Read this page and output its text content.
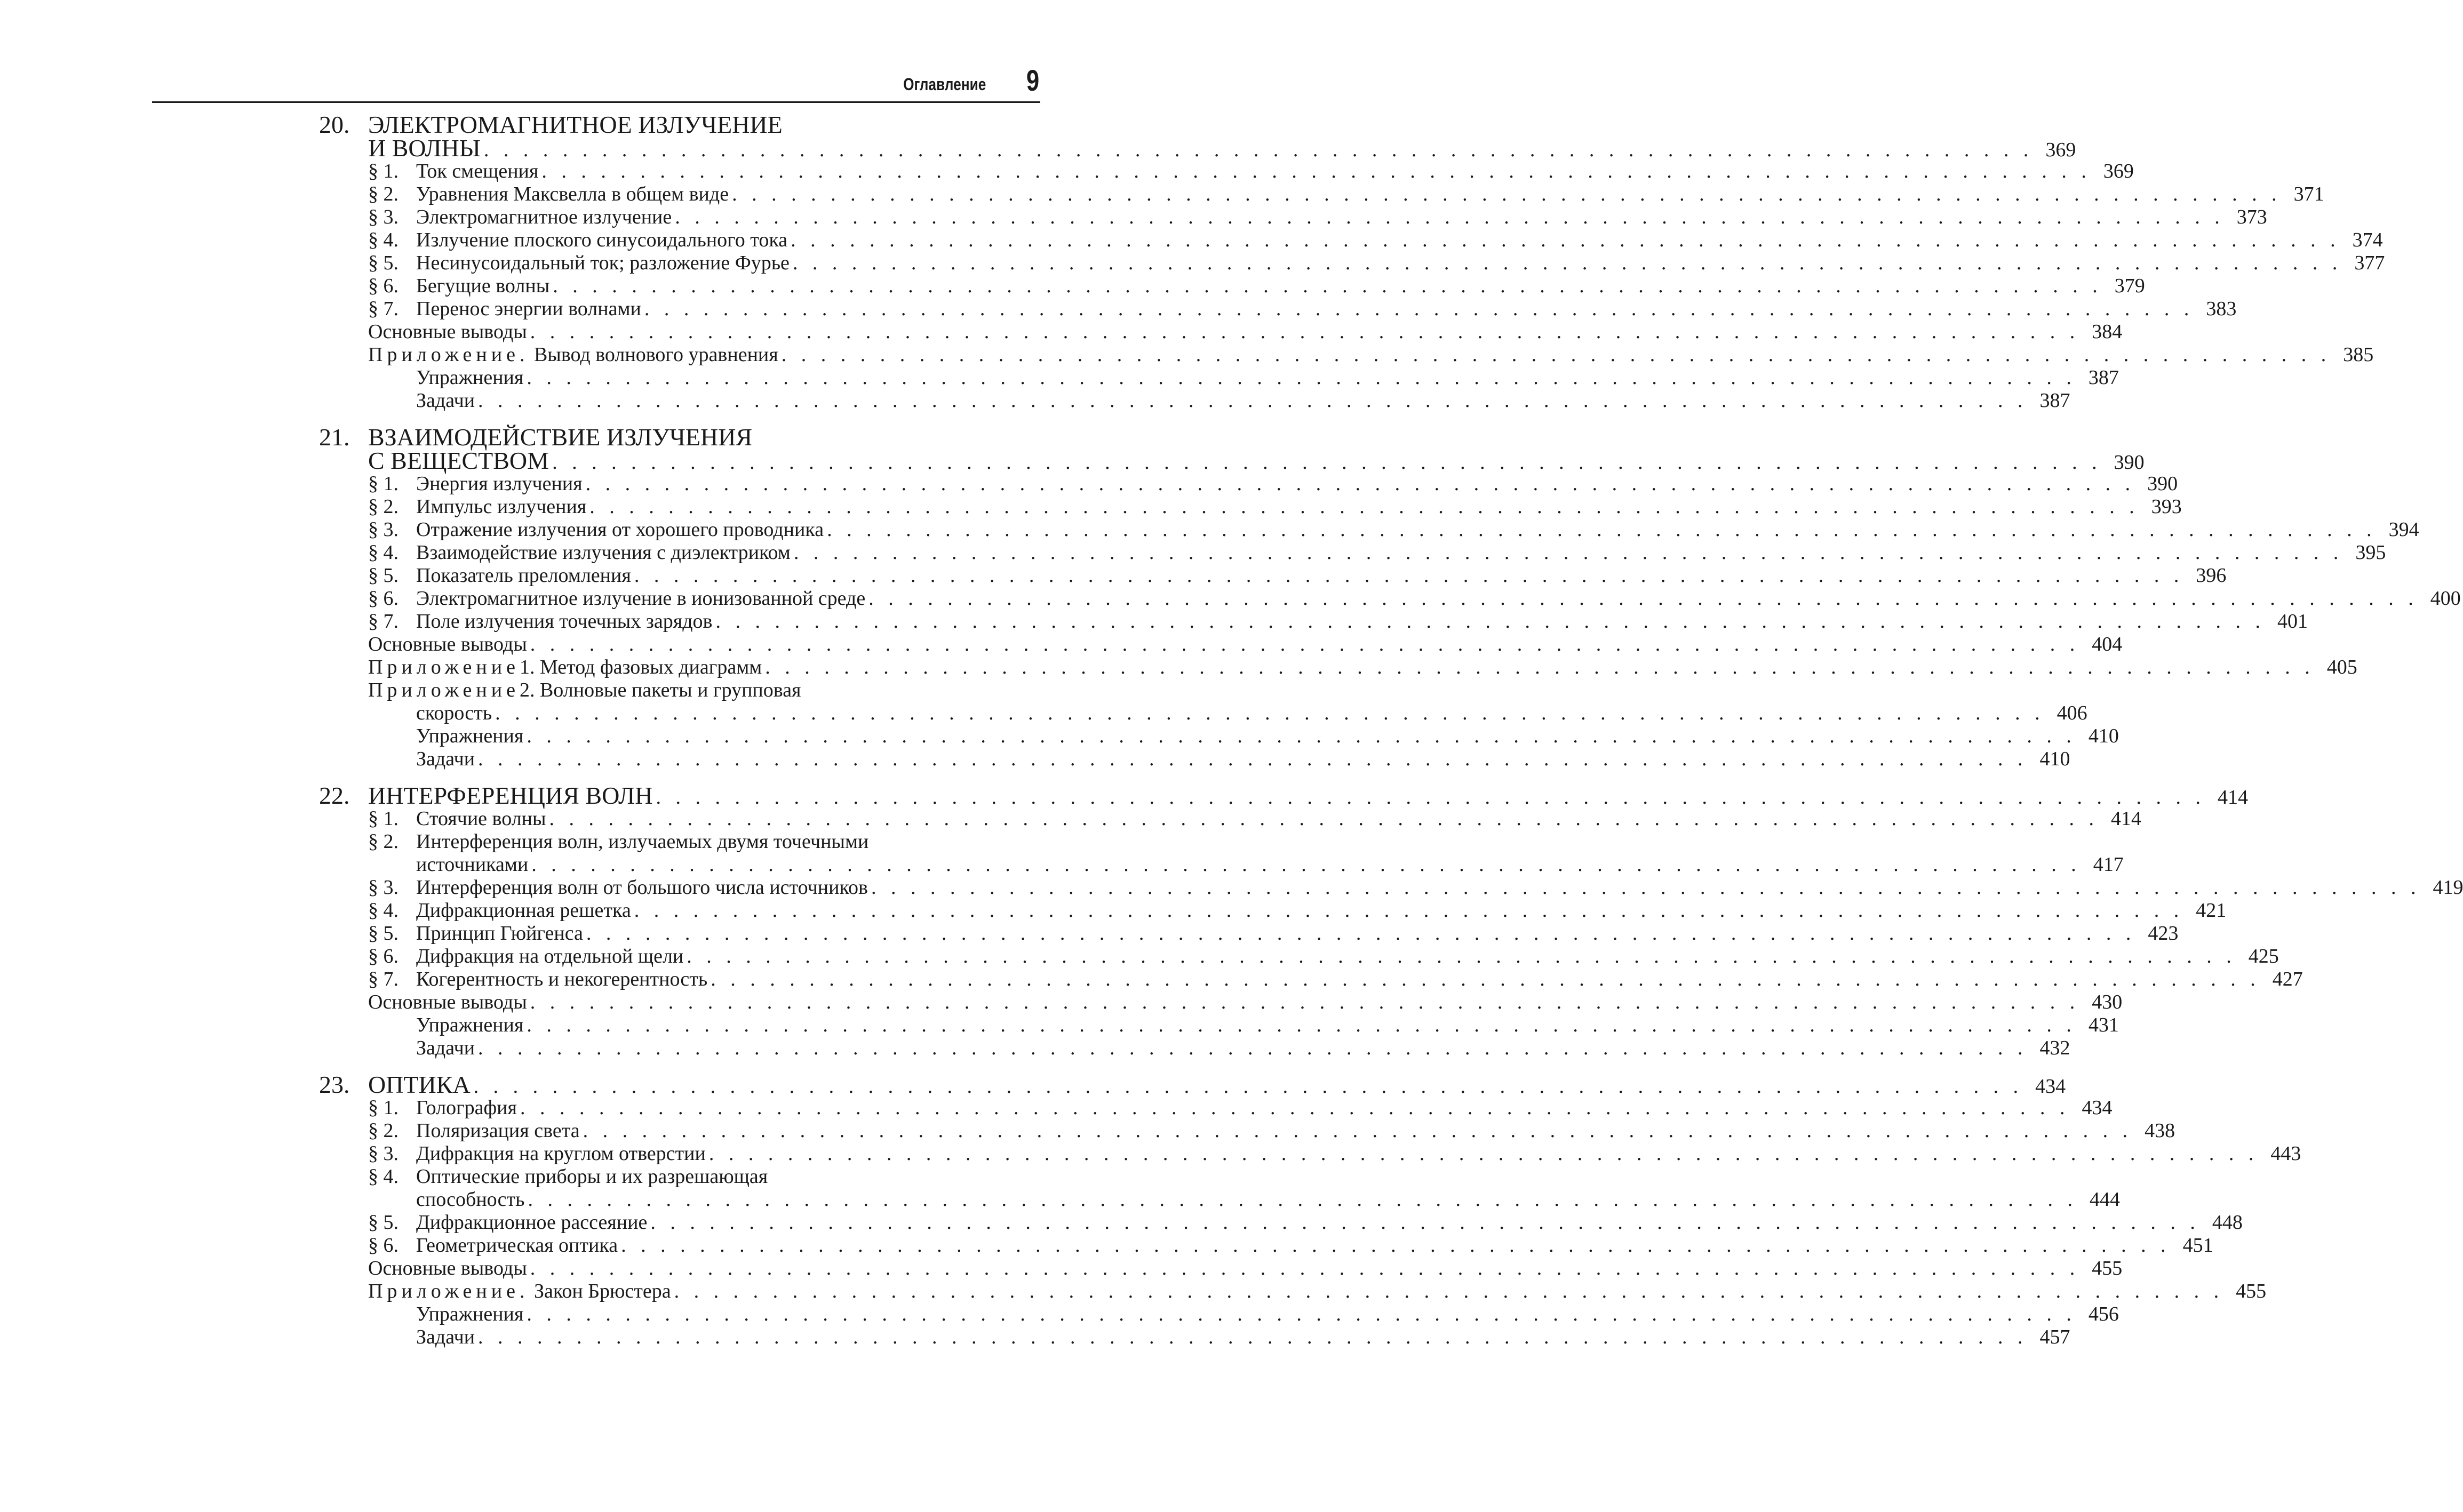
Оглавление 9
20. ЭЛЕКТРОМАГНИТНОЕ ИЗЛУЧЕНИЕ
И ВОЛНЫ . . . . . . . . . . . . . . . . . . . . . . . . . . . . . . . . . . . . . . . . . . . . . . . . . . . . . . . . . . . . . . . . . . . . . . . . . . . . . . . 369
§ 1. Ток смещения . . . . . . . . . . . . . . . . . . . . . . . . . . . . . . . . . . . . . . . . . . . . . . . . . . . . . . . . . . . . . . . . . . . . . . . . . . . . . . . 369
§ 2. Уравнения Максвелла в общем виде . . . . . . . . . . . . . . . . . . . . . . . . . . . . . . . . . . . . . . . . . . . . . . . . . . . . . . . . . . . . . . . . . . . . . . . . . . . . . . . 371
§ 3. Электромагнитное излучение . . . . . . . . . . . . . . . . . . . . . . . . . . . . . . . . . . . . . . . . . . . . . . . . . . . . . . . . . . . . . . . . . . . . . . . . . . . . . . . 373
§ 4. Излучение плоского синусоидального тока . . . . . . . . . . . . . . . . . . . . . . . . . . . . . . . . . . . . . . . . . . . . . . . . . . . . . . . . . . . . . . . . . . . . . . . . . . . . . . . 374
§ 5. Несинусоидальный ток; разложение Фурье . . . . . . . . . . . . . . . . . . . . . . . . . . . . . . . . . . . . . . . . . . . . . . . . . . . . . . . . . . . . . . . . . . . . . . . . . . . . . . . 377
§ 6. Бегущие волны . . . . . . . . . . . . . . . . . . . . . . . . . . . . . . . . . . . . . . . . . . . . . . . . . . . . . . . . . . . . . . . . . . . . . . . . . . . . . . . 379
§ 7. Перенос энергии волнами . . . . . . . . . . . . . . . . . . . . . . . . . . . . . . . . . . . . . . . . . . . . . . . . . . . . . . . . . . . . . . . . . . . . . . . . . . . . . . . 383
Основные выводы . . . . . . . . . . . . . . . . . . . . . . . . . . . . . . . . . . . . . . . . . . . . . . . . . . . . . . . . . . . . . . . . . . . . . . . . . . . . . . . 384
Приложение. Вывод волнового уравнения . . . . . . . . . . . . . . . . . . . . . . . . . . . . . . . . . . . . . . . . . . . . . . . . . . . . . . . . . . . . . . . . . . . . . . . . . . . . . . . 385
Упражнения . . . . . . . . . . . . . . . . . . . . . . . . . . . . . . . . . . . . . . . . . . . . . . . . . . . . . . . . . . . . . . . . . . . . . . . . . . . . . . . 387
Задачи . . . . . . . . . . . . . . . . . . . . . . . . . . . . . . . . . . . . . . . . . . . . . . . . . . . . . . . . . . . . . . . . . . . . . . . . . . . . . . . 387
21. ВЗАИМОДЕЙСТВИЕ ИЗЛУЧЕНИЯ
С ВЕЩЕСТВОМ . . . . . . . . . . . . . . . . . . . . . . . . . . . . . . . . . . . . . . . . . . . . . . . . . . . . . . . . . . . . . . . . . . . . . . . . . . . . . . . 390
§ 1. Энергия излучения . . . . . . . . . . . . . . . . . . . . . . . . . . . . . . . . . . . . . . . . . . . . . . . . . . . . . . . . . . . . . . . . . . . . . . . . . . . . . . . 390
§ 2. Импульс излучения . . . . . . . . . . . . . . . . . . . . . . . . . . . . . . . . . . . . . . . . . . . . . . . . . . . . . . . . . . . . . . . . . . . . . . . . . . . . . . . 393
§ 3. Отражение излучения от хорошего проводника . . . . . . . . . . . . . . . . . . . . . . . . . . . . . . . . . . . . . . . . . . . . . . . . . . . . . . . . . . . . . . . . . . . . . . . . . . . . . . . 394
§ 4. Взаимодействие излучения с диэлектриком . . . . . . . . . . . . . . . . . . . . . . . . . . . . . . . . . . . . . . . . . . . . . . . . . . . . . . . . . . . . . . . . . . . . . . . . . . . . . . . 395
§ 5. Показатель преломления . . . . . . . . . . . . . . . . . . . . . . . . . . . . . . . . . . . . . . . . . . . . . . . . . . . . . . . . . . . . . . . . . . . . . . . . . . . . . . . 396
§ 6. Электромагнитное излучение в ионизованной среде . . . . . . . . . . . . . . . . . . . . . . . . . . . . . . . . . . . . . . . . . . . . . . . . . . . . . . . . . . . . . . . . . . . . . . . . . . . . . . . 400
§ 7. Поле излучения точечных зарядов . . . . . . . . . . . . . . . . . . . . . . . . . . . . . . . . . . . . . . . . . . . . . . . . . . . . . . . . . . . . . . . . . . . . . . . . . . . . . . . 401
Основные выводы . . . . . . . . . . . . . . . . . . . . . . . . . . . . . . . . . . . . . . . . . . . . . . . . . . . . . . . . . . . . . . . . . . . . . . . . . . . . . . . 404
Приложение1. Метод фазовых диаграмм . . . . . . . . . . . . . . . . . . . . . . . . . . . . . . . . . . . . . . . . . . . . . . . . . . . . . . . . . . . . . . . . . . . . . . . . . . . . . . . 405
Приложение2. Волновые пакеты и групповая
скорость . . . . . . . . . . . . . . . . . . . . . . . . . . . . . . . . . . . . . . . . . . . . . . . . . . . . . . . . . . . . . . . . . . . . . . . . . . . . . . . 406
Упражнения . . . . . . . . . . . . . . . . . . . . . . . . . . . . . . . . . . . . . . . . . . . . . . . . . . . . . . . . . . . . . . . . . . . . . . . . . . . . . . . 410
Задачи . . . . . . . . . . . . . . . . . . . . . . . . . . . . . . . . . . . . . . . . . . . . . . . . . . . . . . . . . . . . . . . . . . . . . . . . . . . . . . . 410
22. ИНТЕРФЕРЕНЦИЯ ВОЛН . . . . . . . . . . . . . . . . . . . . . . . . . . . . . . . . . . . . . . . . . . . . . . . . . . . . . . . . . . . . . . . . . . . . . . . . . . . . . . . 414
§ 1. Стоячие волны . . . . . . . . . . . . . . . . . . . . . . . . . . . . . . . . . . . . . . . . . . . . . . . . . . . . . . . . . . . . . . . . . . . . . . . . . . . . . . . 414
§ 2. Интерференция волн, излучаемых двумя точечными
источниками . . . . . . . . . . . . . . . . . . . . . . . . . . . . . . . . . . . . . . . . . . . . . . . . . . . . . . . . . . . . . . . . . . . . . . . . . . . . . . . 417
§ 3. Интерференция волн от большого числа источников . . . . . . . . . . . . . . . . . . . . . . . . . . . . . . . . . . . . . . . . . . . . . . . . . . . . . . . . . . . . . . . . . . . . . . . . . . . . . . . 419
§ 4. Дифракционная решетка . . . . . . . . . . . . . . . . . . . . . . . . . . . . . . . . . . . . . . . . . . . . . . . . . . . . . . . . . . . . . . . . . . . . . . . . . . . . . . . 421
§ 5. Принцип Гюйгенса . . . . . . . . . . . . . . . . . . . . . . . . . . . . . . . . . . . . . . . . . . . . . . . . . . . . . . . . . . . . . . . . . . . . . . . . . . . . . . . 423
§ 6. Дифракция на отдельной щели . . . . . . . . . . . . . . . . . . . . . . . . . . . . . . . . . . . . . . . . . . . . . . . . . . . . . . . . . . . . . . . . . . . . . . . . . . . . . . . 425
§ 7. Когерентность и некогерентность . . . . . . . . . . . . . . . . . . . . . . . . . . . . . . . . . . . . . . . . . . . . . . . . . . . . . . . . . . . . . . . . . . . . . . . . . . . . . . . 427
Основные выводы . . . . . . . . . . . . . . . . . . . . . . . . . . . . . . . . . . . . . . . . . . . . . . . . . . . . . . . . . . . . . . . . . . . . . . . . . . . . . . . 430
Упражнения . . . . . . . . . . . . . . . . . . . . . . . . . . . . . . . . . . . . . . . . . . . . . . . . . . . . . . . . . . . . . . . . . . . . . . . . . . . . . . . 431
Задачи . . . . . . . . . . . . . . . . . . . . . . . . . . . . . . . . . . . . . . . . . . . . . . . . . . . . . . . . . . . . . . . . . . . . . . . . . . . . . . . 432
23. ОПТИКА . . . . . . . . . . . . . . . . . . . . . . . . . . . . . . . . . . . . . . . . . . . . . . . . . . . . . . . . . . . . . . . . . . . . . . . . . . . . . . . 434
§ 1. Голография . . . . . . . . . . . . . . . . . . . . . . . . . . . . . . . . . . . . . . . . . . . . . . . . . . . . . . . . . . . . . . . . . . . . . . . . . . . . . . . 434
§ 2. Поляризация света . . . . . . . . . . . . . . . . . . . . . . . . . . . . . . . . . . . . . . . . . . . . . . . . . . . . . . . . . . . . . . . . . . . . . . . . . . . . . . . 438
§ 3. Дифракция на круглом отверстии . . . . . . . . . . . . . . . . . . . . . . . . . . . . . . . . . . . . . . . . . . . . . . . . . . . . . . . . . . . . . . . . . . . . . . . . . . . . . . . 443
§ 4. Оптические приборы и их разрешающая
способность . . . . . . . . . . . . . . . . . . . . . . . . . . . . . . . . . . . . . . . . . . . . . . . . . . . . . . . . . . . . . . . . . . . . . . . . . . . . . . . 444
§ 5. Дифракционное рассеяние . . . . . . . . . . . . . . . . . . . . . . . . . . . . . . . . . . . . . . . . . . . . . . . . . . . . . . . . . . . . . . . . . . . . . . . . . . . . . . . 448
§ 6. Геометрическая оптика . . . . . . . . . . . . . . . . . . . . . . . . . . . . . . . . . . . . . . . . . . . . . . . . . . . . . . . . . . . . . . . . . . . . . . . . . . . . . . . 451
Основные выводы . . . . . . . . . . . . . . . . . . . . . . . . . . . . . . . . . . . . . . . . . . . . . . . . . . . . . . . . . . . . . . . . . . . . . . . . . . . . . . . 455
Приложение. Закон Брюстера . . . . . . . . . . . . . . . . . . . . . . . . . . . . . . . . . . . . . . . . . . . . . . . . . . . . . . . . . . . . . . . . . . . . . . . . . . . . . . . 455
Упражнения . . . . . . . . . . . . . . . . . . . . . . . . . . . . . . . . . . . . . . . . . . . . . . . . . . . . . . . . . . . . . . . . . . . . . . . . . . . . . . . 456
Задачи . . . . . . . . . . . . . . . . . . . . . . . . . . . . . . . . . . . . . . . . . . . . . . . . . . . . . . . . . . . . . . . . . . . . . . . . . . . . . . . 457
